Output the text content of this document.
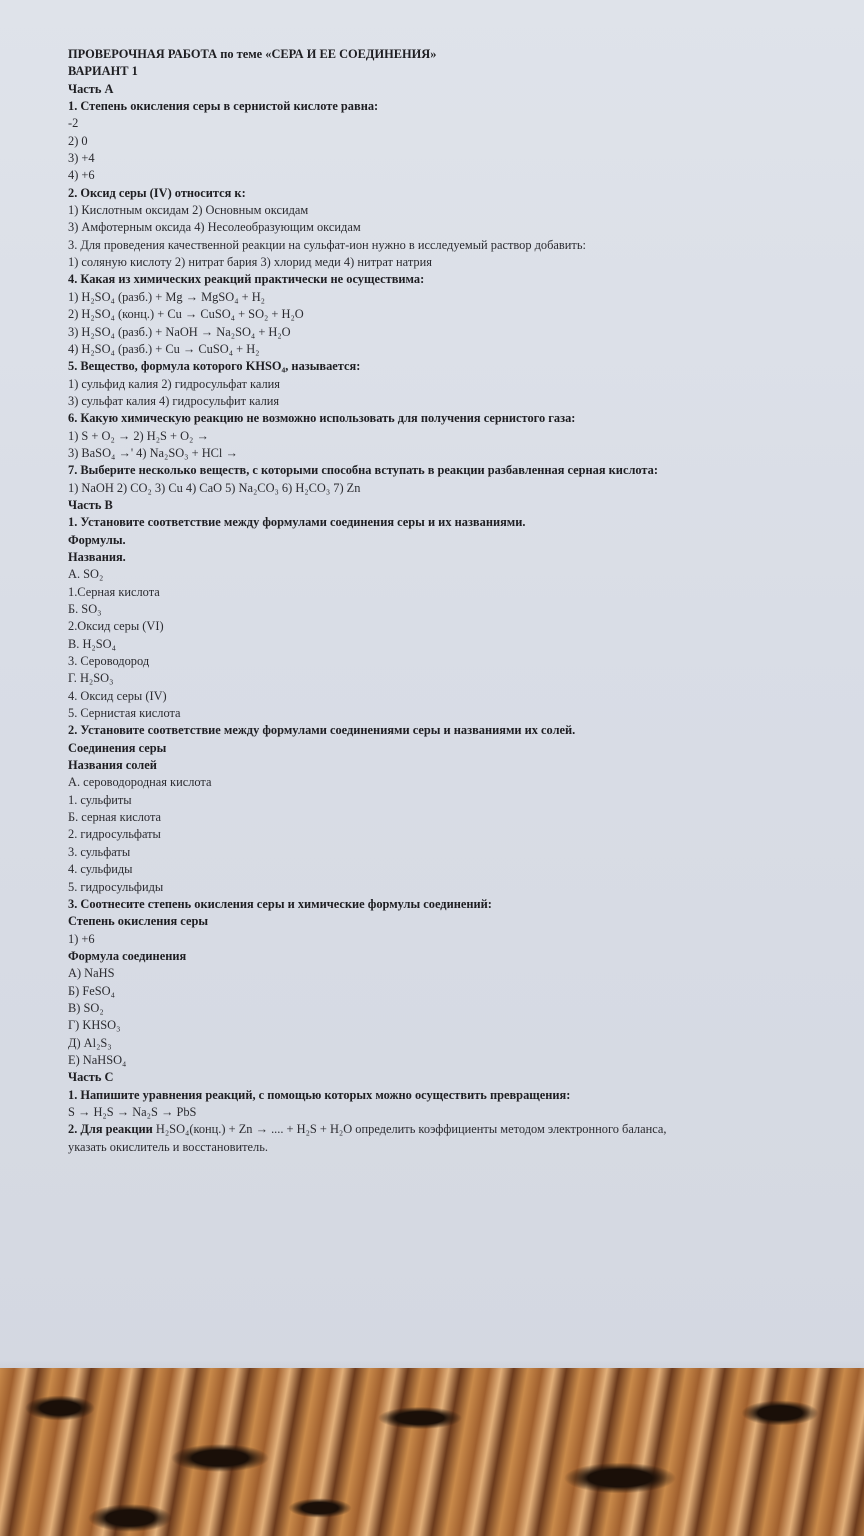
ПРОВЕРОЧНАЯ РАБОТА по теме «СЕРА И ЕЕ СОЕДИНЕНИЯ»
ВАРИАНТ 1
Часть А
1. Степень окисления серы в сернистой кислоте равна:
-2
2) 0
3) +4
4) +6
2. Оксид серы (IV) относится к:
1) Кислотным оксидам 2) Основным оксидам
3) Амфотерным оксида 4) Несолеобразующим оксидам
3. Для проведения качественной реакции на сульфат-ион нужно в исследуемый раствор добавить:
1) соляную кислоту 2) нитрат бария 3) хлорид меди 4) нитрат натрия
4. Какая из химических реакций практически не осуществима:
1) H₂SO₄ (разб.) + Mg → MgSO₄ + H₂
2) H₂SO₄ (конц.) + Cu → CuSO₄ + SO₂ + H₂O
3) H₂SO₄ (разб.) + NaOH → Na₂SO₄ + H₂O
4) H₂SO₄ (разб.) + Cu → CuSO₄ + H₂
5. Вещество, формула которого KHSO₄, называется:
1) сульфид калия 2) гидросульфат калия
3) сульфат калия 4) гидросульфит калия
6. Какую химическую реакцию не возможно использовать для получения сернистого газа:
1) S + O₂ → 2) H₂S + O₂ →
3) BaSO₄ →' 4) Na₂SO₃ + HCl →
7. Выберите несколько веществ, с которыми способна вступать в реакции разбавленная серная кислота:
1) NaOH 2) CO₂ 3) Cu 4) CaO 5) Na₂CO₃ 6) H₂CO₃ 7) Zn
Часть В
1. Установите соответствие между формулами соединения серы и их названиями.
Формулы.
Названия.
А. SO₂
1.Серная кислота
Б. SO₃
2.Оксид серы (VI)
В. H₂SO₄
3. Сероводород
Г. H₂SO₃
4. Оксид серы (IV)
5. Сернистая кислота
2. Установите соответствие между формулами соединениями серы и названиями их солей.
Соединения серы
Названия солей
А. сероводородная кислота
1. сульфиты
Б. серная кислота
2. гидросульфаты
3. сульфаты
4. сульфиды
5. гидросульфиды
3. Соотнесите степень окисления серы и химические формулы соединений:
Степень окисления серы
1) +6
Формула соединения
А) NaHS
Б) FeSO₄
В) SO₂
Г) KHSO₃
Д) Al₂S₃
Е) NaHSO₄
Часть С
1. Напишите уравнения реакций, с помощью которых можно осуществить превращения:
S → H₂S → Na₂S → PbS
2. Для реакции H₂SO₄(конц.) + Zn → .... + H₂S + H₂O определить коэффициенты методом электронного баланса,
указать окислитель и восстановитель.
